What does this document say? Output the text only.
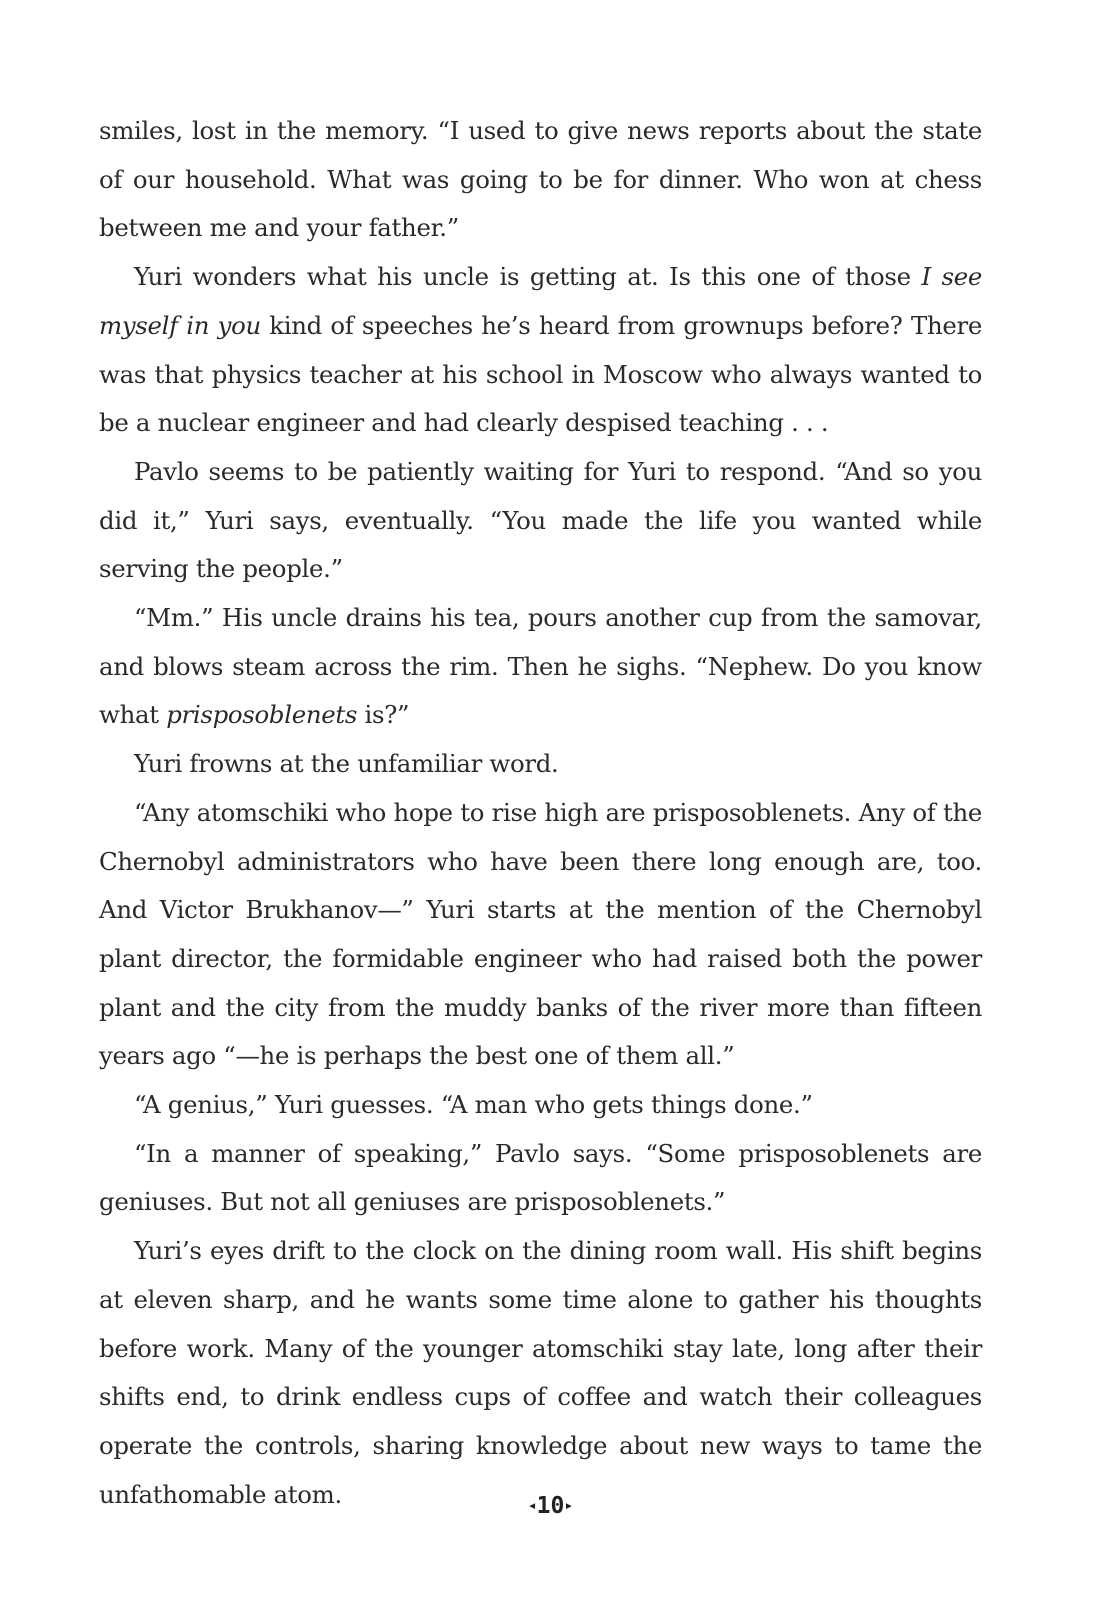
smiles, lost in the memory. “I used to give news reports about the state of our household. What was going to be for dinner. Who won at chess between me and your father.”

Yuri wonders what his uncle is getting at. Is this one of those I see myself in you kind of speeches he’s heard from grownups before? There was that physics teacher at his school in Moscow who always wanted to be a nuclear engineer and had clearly despised teaching . . .

Pavlo seems to be patiently waiting for Yuri to respond. “And so you did it,” Yuri says, eventually. “You made the life you wanted while serving the people.”

“Mm.” His uncle drains his tea, pours another cup from the samovar, and blows steam across the rim. Then he sighs. “Nephew. Do you know what prisposoblenets is?”

Yuri frowns at the unfamiliar word.

“Any atomschiki who hope to rise high are prisposoblenets. Any of the Chernobyl administrators who have been there long enough are, too. And Victor Brukhanov—” Yuri starts at the mention of the Chernobyl plant director, the formidable engineer who had raised both the power plant and the city from the muddy banks of the river more than fifteen years ago “—he is perhaps the best one of them all.”

“A genius,” Yuri guesses. “A man who gets things done.”

“In a manner of speaking,” Pavlo says. “Some prisposoblenets are geniuses. But not all geniuses are prisposoblenets.”

Yuri’s eyes drift to the clock on the dining room wall. His shift begins at eleven sharp, and he wants some time alone to gather his thoughts before work. Many of the younger atomschiki stay late, long after their shifts end, to drink endless cups of coffee and watch their colleagues operate the controls, sharing knowledge about new ways to tame the unfathomable atom.	◂10▸
